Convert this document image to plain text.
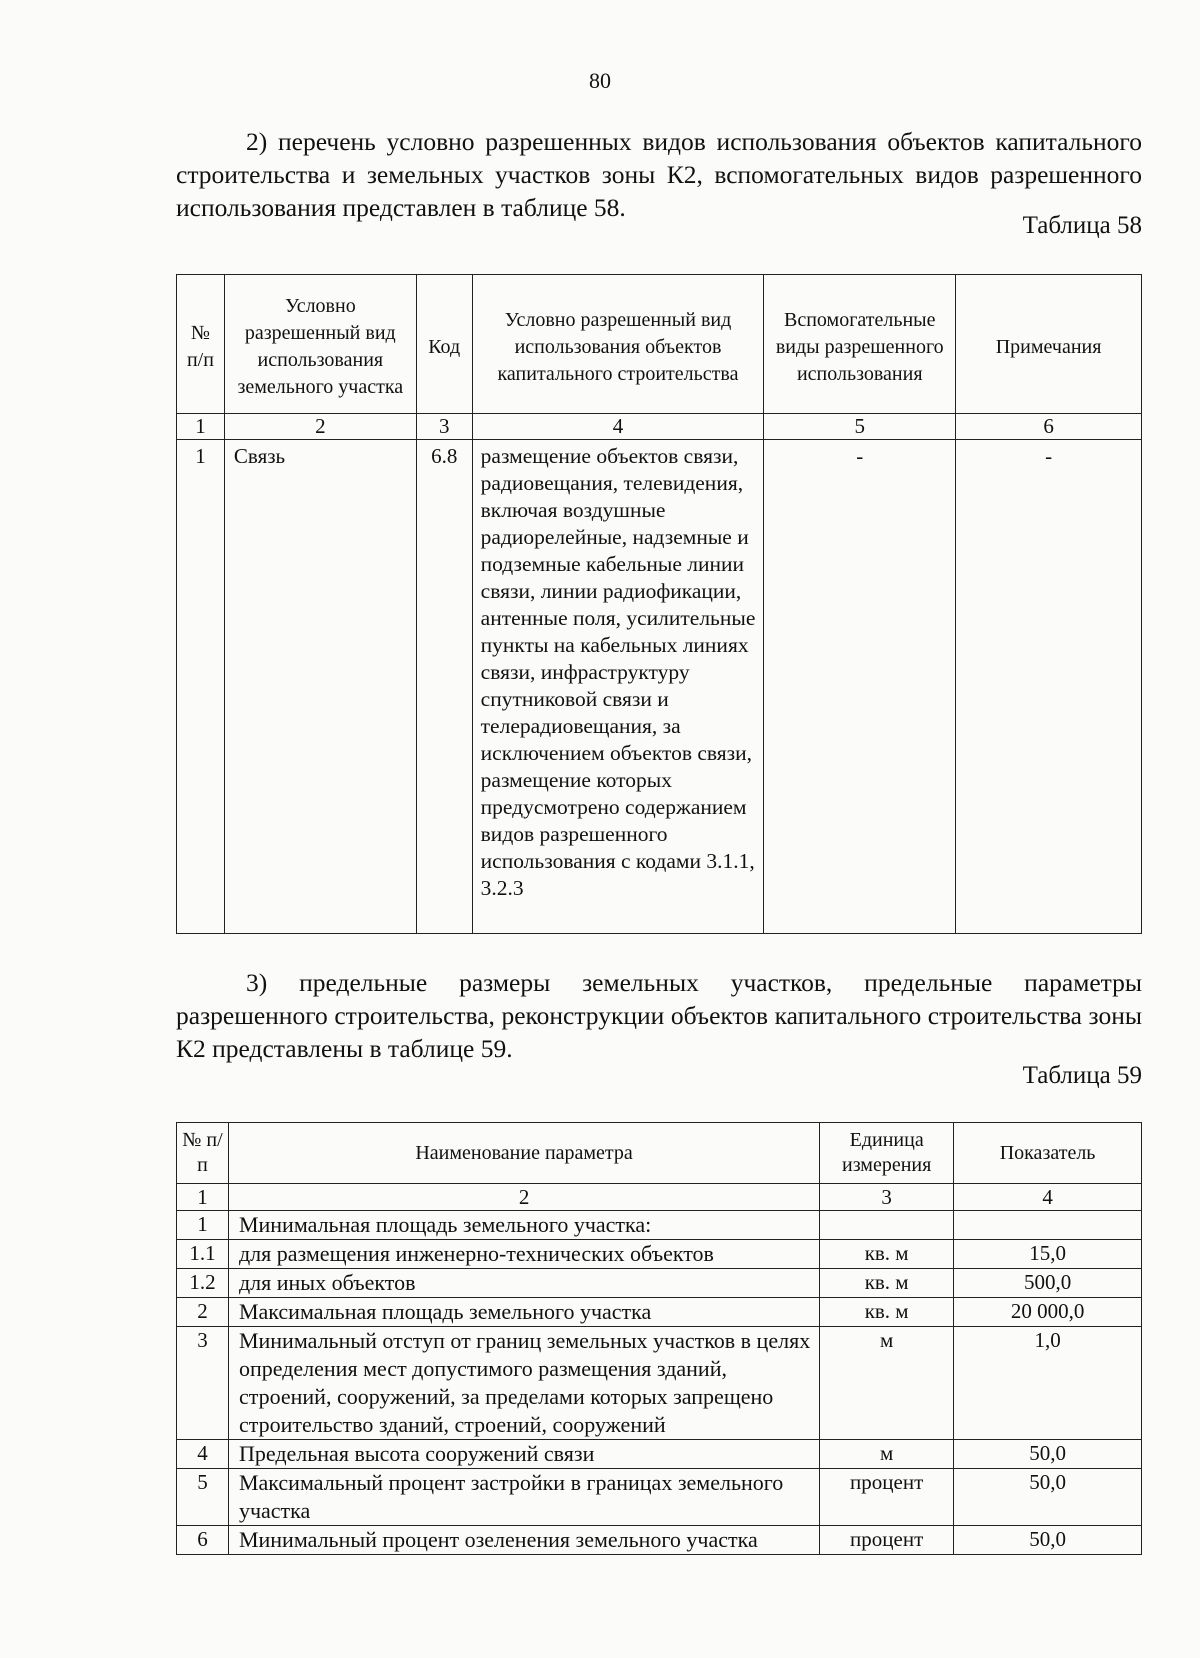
80
2) перечень условно разрешенных видов использования объектов капитального строительства и земельных участков зоны К2, вспомогательных видов разрешенного использования представлен в таблице 58.
Таблица 58
№ п/п	Условно разрешенный вид использования земельного участка	Код	Условно разрешенный вид использования объектов капитального строительства	Вспомогательные виды разрешенного использования	Примечания
1	2	3	4	5	6
1	Связь	6.8	размещение объектов связи, радиовещания, телевидения, включая воздушные радиорелейные, надземные и подземные кабельные линии связи, линии радиофикации, антенные поля, усилительные пункты на кабельных линиях связи, инфраструктуру спутниковой связи и телерадиовещания, за исключением объектов связи, размещение которых предусмотрено содержанием видов разрешенного использования с кодами 3.1.1, 3.2.3	-	-
3) предельные размеры земельных участков, предельные параметры разрешенного строительства, реконструкции объектов капитального строительства зоны К2 представлены в таблице 59.
Таблица 59
№ п/п	Наименование параметра	Единица измерения	Показатель
1	2	3	4
1	Минимальная площадь земельного участка:		
1.1	для размещения инженерно-технических объектов	кв. м	15,0
1.2	для иных объектов	кв. м	500,0
2	Максимальная площадь земельного участка	кв. м	20 000,0
3	Минимальный отступ от границ земельных участков в целях определения мест допустимого размещения зданий, строений, сооружений, за пределами которых запрещено строительство зданий, строений, сооружений	м	1,0
4	Предельная высота сооружений связи	м	50,0
5	Максимальный процент застройки в границах земельного участка	процент	50,0
6	Минимальный процент озеленения земельного участка	процент	50,0
